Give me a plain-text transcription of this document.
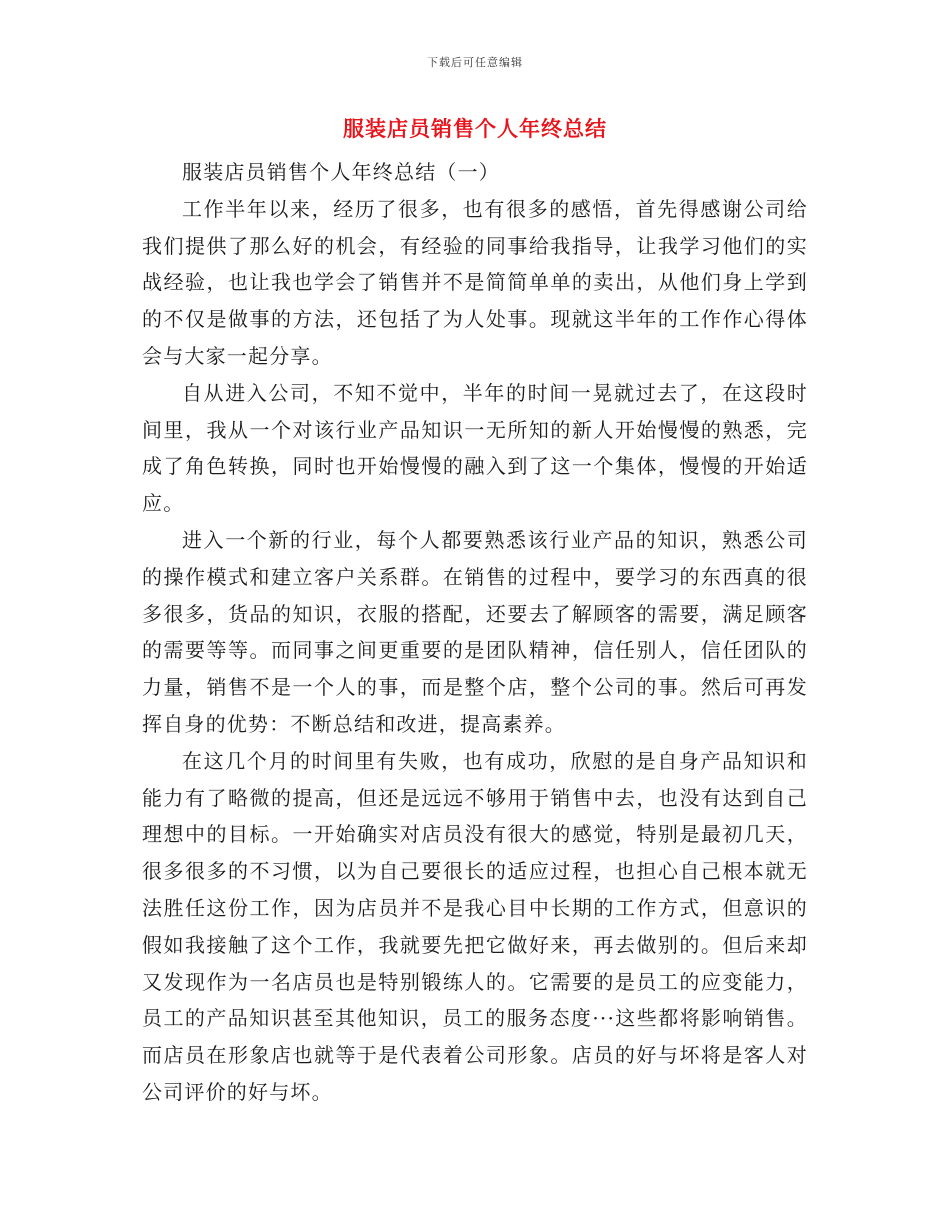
下载后可任意编辑
服装店员销售个人年终总结

服装店员销售个人年终总结（一）

工作半年以来，经历了很多，也有很多的感悟，首先得感谢公司给我们提供了那么好的机会，有经验的同事给我指导，让我学习他们的实战经验，也让我也学会了销售并不是简简单单的卖出，从他们身上学到的不仅是做事的方法，还包括了为人处事。现就这半年的工作作心得体会与大家一起分享。

自从进入公司，不知不觉中，半年的时间一晃就过去了，在这段时间里，我从一个对该行业产品知识一无所知的新人开始慢慢的熟悉，完成了角色转换，同时也开始慢慢的融入到了这一个集体，慢慢的开始适应。

进入一个新的行业，每个人都要熟悉该行业产品的知识，熟悉公司的操作模式和建立客户关系群。在销售的过程中，要学习的东西真的很多很多，货品的知识，衣服的搭配，还要去了解顾客的需要，满足顾客的需要等等。而同事之间更重要的是团队精神，信任别人，信任团队的力量，销售不是一个人的事，而是整个店，整个公司的事。然后可再发挥自身的优势：不断总结和改进，提高素养。

在这几个月的时间里有失败，也有成功，欣慰的是自身产品知识和能力有了略微的提高，但还是远远不够用于销售中去，也没有达到自己理想中的目标。一开始确实对店员没有很大的感觉，特别是最初几天，很多很多的不习惯，以为自己要很长的适应过程，也担心自己根本就无法胜任这份工作，因为店员并不是我心目中长期的工作方式，但意识的假如我接触了这个工作，我就要先把它做好来，再去做别的。但后来却又发现作为一名店员也是特别锻练人的。它需要的是员工的应变能力，员工的产品知识甚至其他知识，员工的服务态度···这些都将影响销售。而店员在形象店也就等于是代表着公司形象。店员的好与坏将是客人对公司评价的好与坏。
